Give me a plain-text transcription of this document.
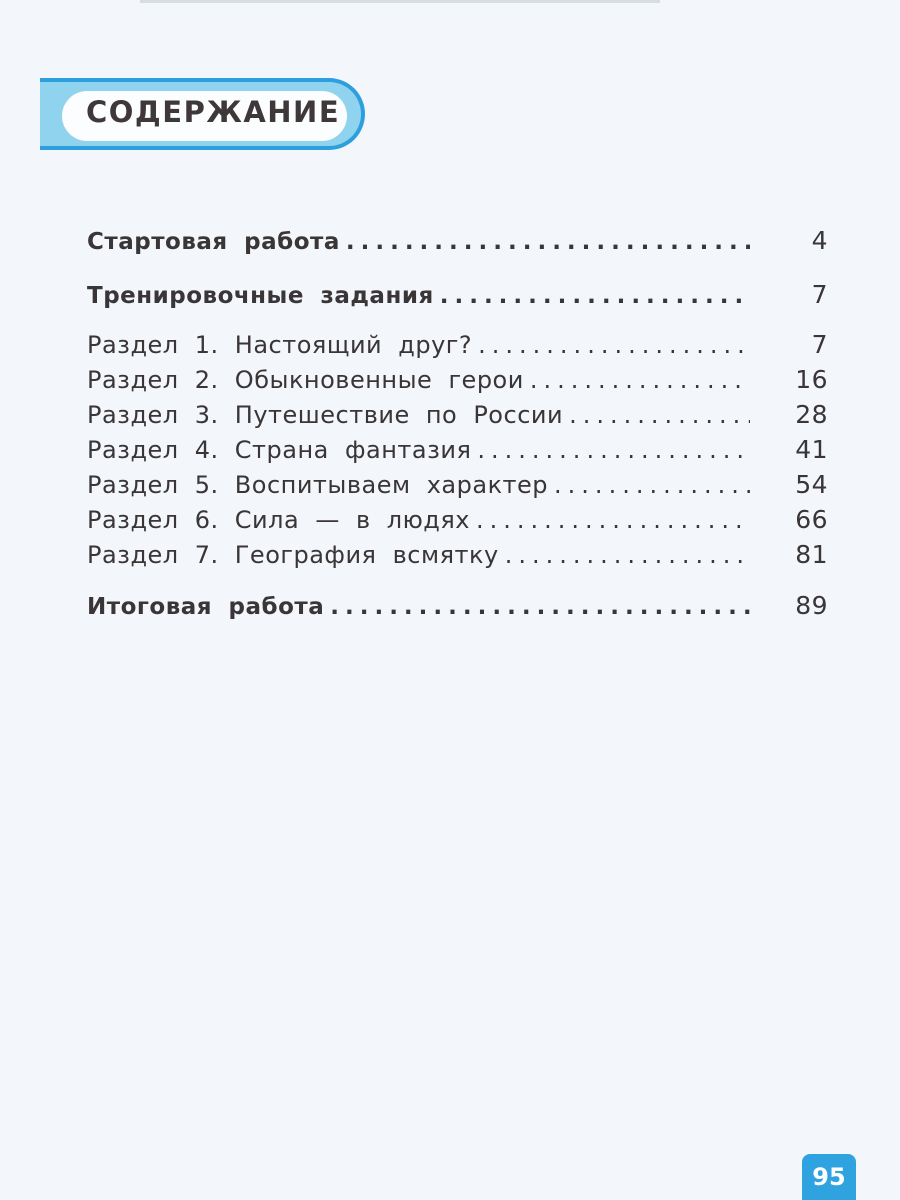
СОДЕРЖАНИЕ
Стартовая работа .....	4
Тренировочные задания .....	7
Раздел 1. Настоящий друг? .....	7
Раздел 2. Обыкновенные герои .....	16
Раздел 3. Путешествие по России .....	28
Раздел 4. Страна фантазия .....	41
Раздел 5. Воспитываем характер .....	54
Раздел 6. Сила — в людях .....	66
Раздел 7. География всмятку .....	81
Итоговая работа .....	89
95
